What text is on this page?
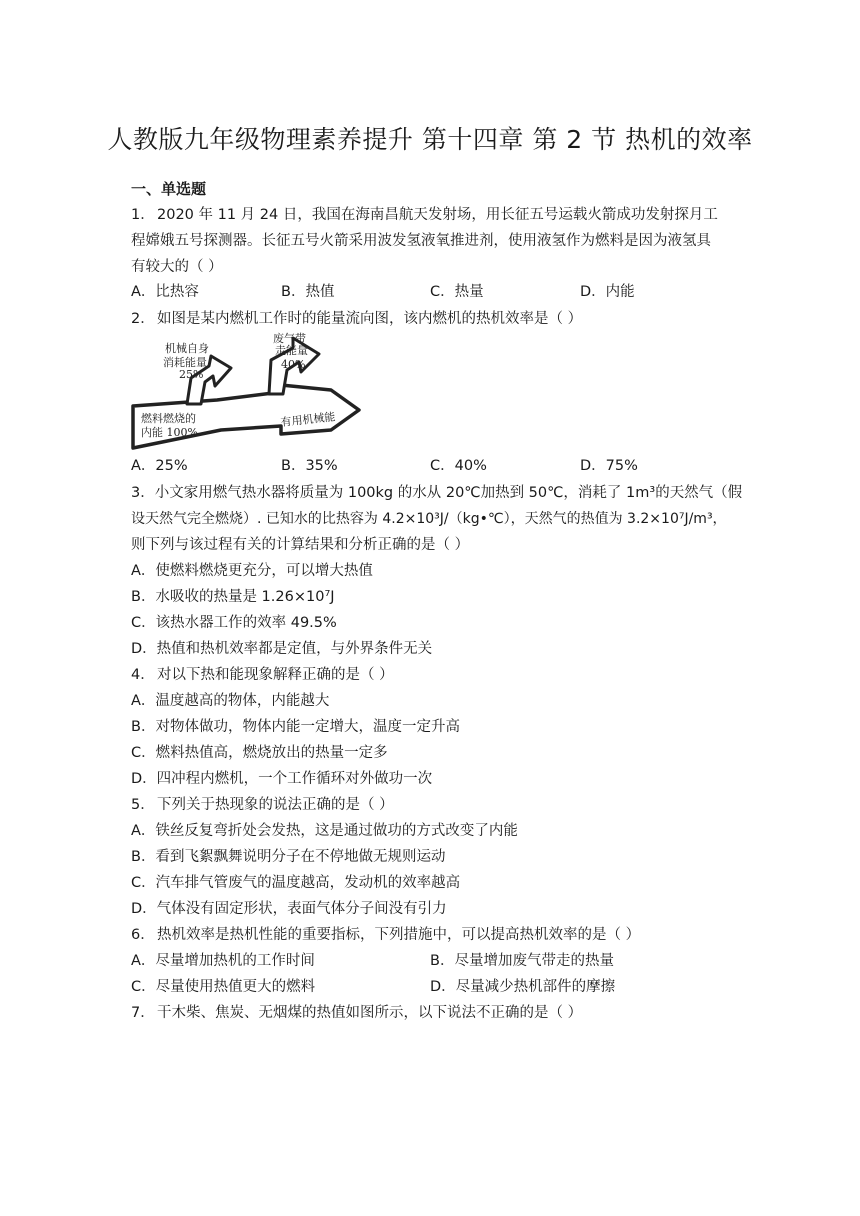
人教版九年级物理素养提升 第十四章 第 2 节 热机的效率
一、单选题
1． 2020 年 11 月 24 日，我国在海南昌航天发射场，用长征五号运载火箭成功发射探月工
程嫦娥五号探测器。长征五号火箭采用波发氢液氧推进剂，使用液氢作为燃料是因为液氢具
有较大的（ ）
A．比热容	B．热值	C．热量	D．内能
2． 如图是某内燃机工作时的能量流向图，该内燃机的热机效率是（ ）
燃料燃烧的
内能 100%
机械自身
消耗能量
25%
废气带
走能量
40%
有用机械能
A．25%	B．35%	C．40%	D．75%
3．小文家用燃气热水器将质量为 100kg 的水从 20℃加热到 50℃，消耗了 1m³的天然气（假
设天然气完全燃烧）. 已知水的比热容为 4.2×10³J/（kg•℃），天然气的热值为 3.2×10⁷J/m³，
则下列与该过程有关的计算结果和分析正确的是（ ）
A．使燃料燃烧更充分，可以增大热值
B．水吸收的热量是 1.26×10⁷J
C．该热水器工作的效率 49.5%
D．热值和热机效率都是定值，与外界条件无关
4． 对以下热和能现象解释正确的是（ ）
A．温度越高的物体，内能越大
B．对物体做功，物体内能一定增大，温度一定升高
C．燃料热值高，燃烧放出的热量一定多
D．四冲程内燃机，一个工作循环对外做功一次
5． 下列关于热现象的说法正确的是（ ）
A．铁丝反复弯折处会发热，这是通过做功的方式改变了内能
B．看到飞絮飘舞说明分子在不停地做无规则运动
C．汽车排气管废气的温度越高，发动机的效率越高
D．气体没有固定形状，表面气体分子间没有引力
6． 热机效率是热机性能的重要指标，下列措施中，可以提高热机效率的是（ ）
A．尽量增加热机的工作时间	B．尽量增加废气带走的热量
C．尽量使用热值更大的燃料	D．尽量减少热机部件的摩擦
7． 干木柴、焦炭、无烟煤的热值如图所示，以下说法不正确的是（ ）
